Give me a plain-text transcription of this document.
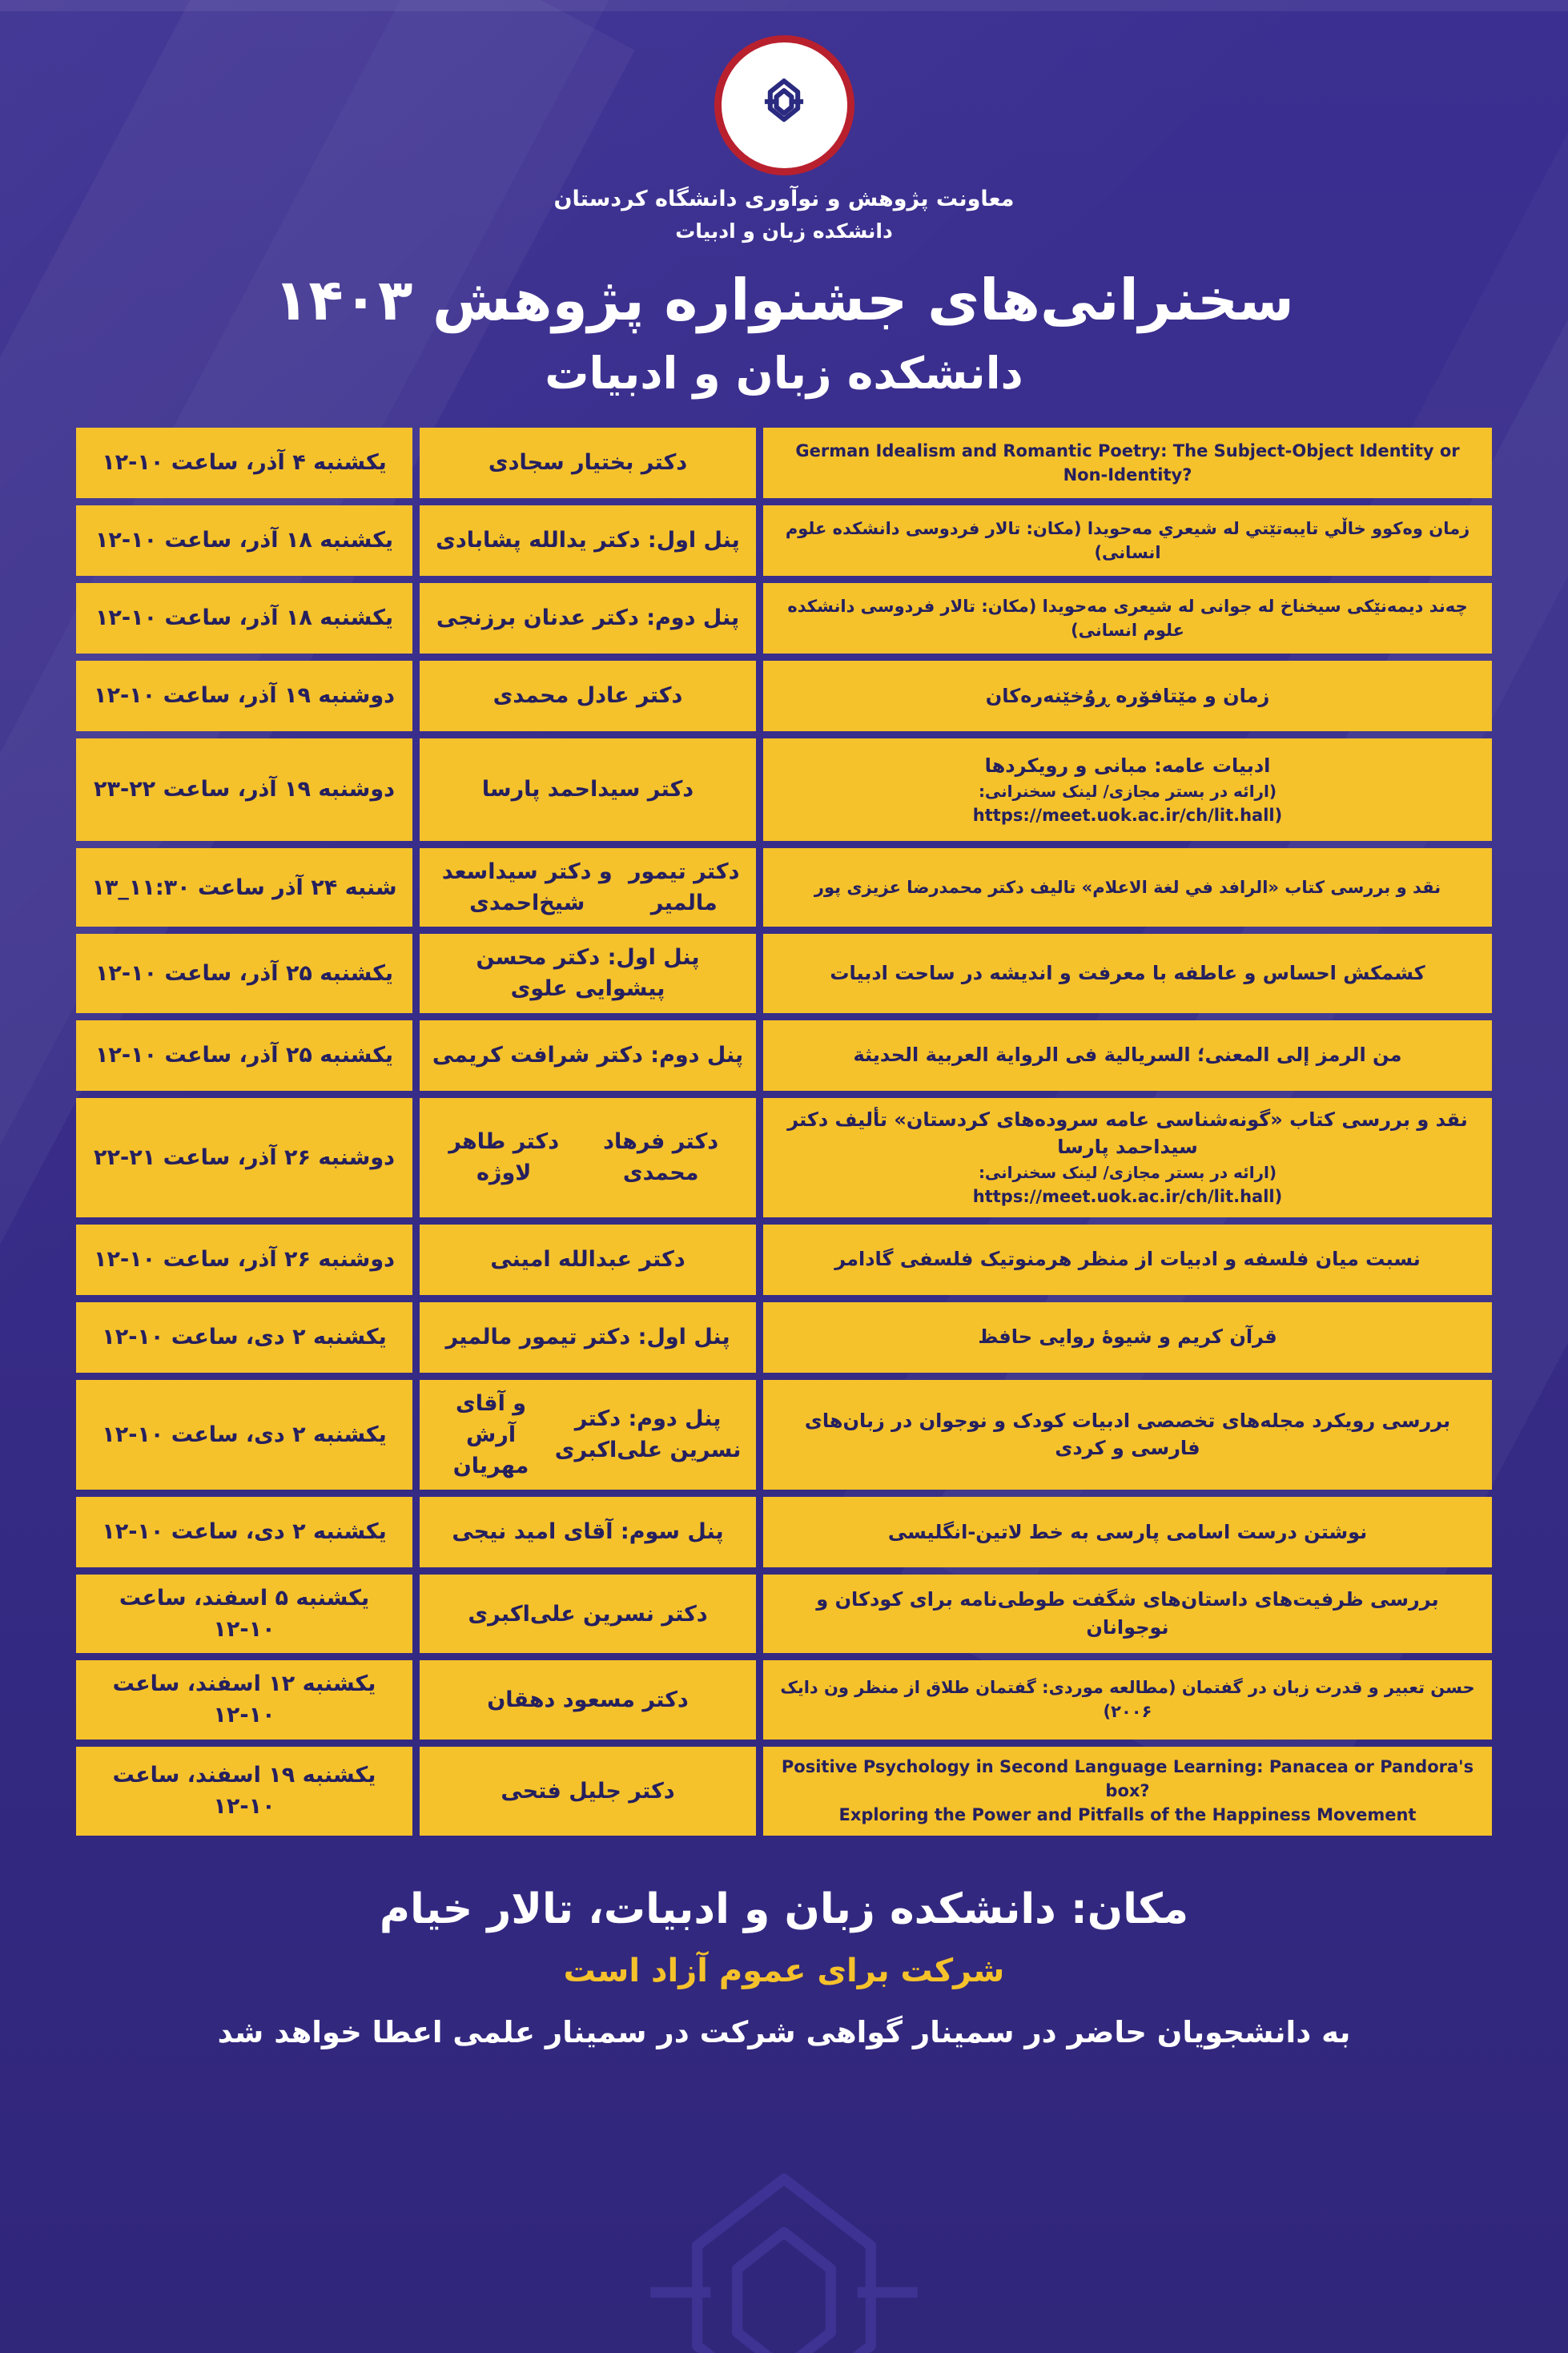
دانشگاه کردستان
University of Kurdistan
معاونت پژوهش و نوآوری دانشگاه کردستان
دانشکده زبان و ادبیات
سخنرانی‌های جشنواره پژوهش ۱۴۰۳
دانشکده زبان و ادبیات
German Idealism and Romantic Poetry: The Subject-Object Identity or Non-Identity?
دکتر بختیار سجادی
یکشنبه ۴ آذر، ساعت ۱۰-۱۲
زمان وەکوو خاڵي تایبەتێتي له شیعري مەحویدا (مکان: تالار فردوسی دانشکده علوم انسانی)
پنل اول: دکتر یدالله پشابادی
یکشنبه ۱۸ آذر، ساعت ۱۰-۱۲
چەند دیمەنێکی سیخناخ له جوانی له شیعری مەحویدا (مکان: تالار فردوسی دانشکده علوم انسانی)
پنل دوم: دکتر عدنان برزنجی
یکشنبه ۱۸ آذر، ساعت ۱۰-۱۲
زمان و مێتافۆره ڕوُخێنه‌ره‌کان
دکتر عادل محمدی
دوشنبه ۱۹ آذر، ساعت ۱۰-۱۲
ادبیات عامه: مبانی و رویکردها
(ارائه در بستر مجازی/ لینک سخنرانی:
https://meet.uok.ac.ir/ch/lit.hall)
دکتر سیداحمد پارسا
دوشنبه ۱۹ آذر، ساعت ۲۲-۲۳
نقد و بررسی کتاب «الرافد في لغة الاعلام» تالیف دکتر محمدرضا عزیزی پور
دکتر تیمور مالمیر
و دکتر سیداسعد شیخ‌احمدی
شنبه ۲۴ آذر ساعت ۱۱:۳۰_۱۳
کشمکش احساس و عاطفه با معرفت و اندیشه در ساحت ادبیات
پنل اول: دکتر محسن پیشوایی علوی
یکشنبه ۲۵ آذر، ساعت ۱۰-۱۲
من الرمز إلى المعنى؛ السریالیة فى الروایة العربیة الحدیثة
پنل دوم: دکتر شرافت کریمی
یکشنبه ۲۵ آذر، ساعت ۱۰-۱۲
نقد و بررسی کتاب «گونه‌شناسی عامه سروده‌های کردستان» تألیف دکتر سیداحمد پارسا
(ارائه در بستر مجازی/ لینک سخنرانی:
https://meet.uok.ac.ir/ch/lit.hall)
دکتر فرهاد محمدی
دکتر طاهر لاوژه
دوشنبه ۲۶ آذر، ساعت ۲۱-۲۲
نسبت میان فلسفه و ادبیات از منظر هرمنوتیک فلسفی گادامر
دکتر عبدالله امینی
دوشنبه ۲۶ آذر، ساعت ۱۰-۱۲
قرآن کریم و شیوۀ روایی حافظ
پنل اول: دکتر تیمور مالمیر
یکشنبه ۲ دی، ساعت ۱۰-۱۲
بررسی رویکرد مجله‌های تخصصی ادبیات کودک و نوجوان در زبان‌های فارسی و کردی
پنل دوم: دکتر نسرین علی‌اکبری
و آقای آرش مهریان
یکشنبه ۲ دی، ساعت ۱۰-۱۲
نوشتن درست اسامی پارسی به خط لاتین-انگلیسی
پنل سوم: آقای امید نیجی
یکشنبه ۲ دی، ساعت ۱۰-۱۲
بررسی ظرفیت‌های داستان‌های شگفت طوطی‌نامه برای کودکان و نوجوانان
دکتر نسرین علی‌اکبری
یکشنبه ۵ اسفند، ساعت ۱۰-۱۲
حسن تعبیر و قدرت زبان در گفتمان (مطالعه موردی: گفتمان طلاق از منظر ون دایک ۲۰۰۶)
دکتر مسعود دهقان
یکشنبه ۱۲ اسفند، ساعت ۱۰-۱۲
Positive Psychology in Second Language Learning: Panacea or Pandora's box?
Exploring the Power and Pitfalls of the Happiness Movement
دکتر جلیل فتحی
یکشنبه ۱۹ اسفند، ساعت ۱۰-۱۲
مکان: دانشکده زبان و ادبیات، تالار خیام
شرکت برای عموم آزاد است
به دانشجویان حاضر در سمینار گواهی شرکت در سمینار علمی اعطا خواهد شد
